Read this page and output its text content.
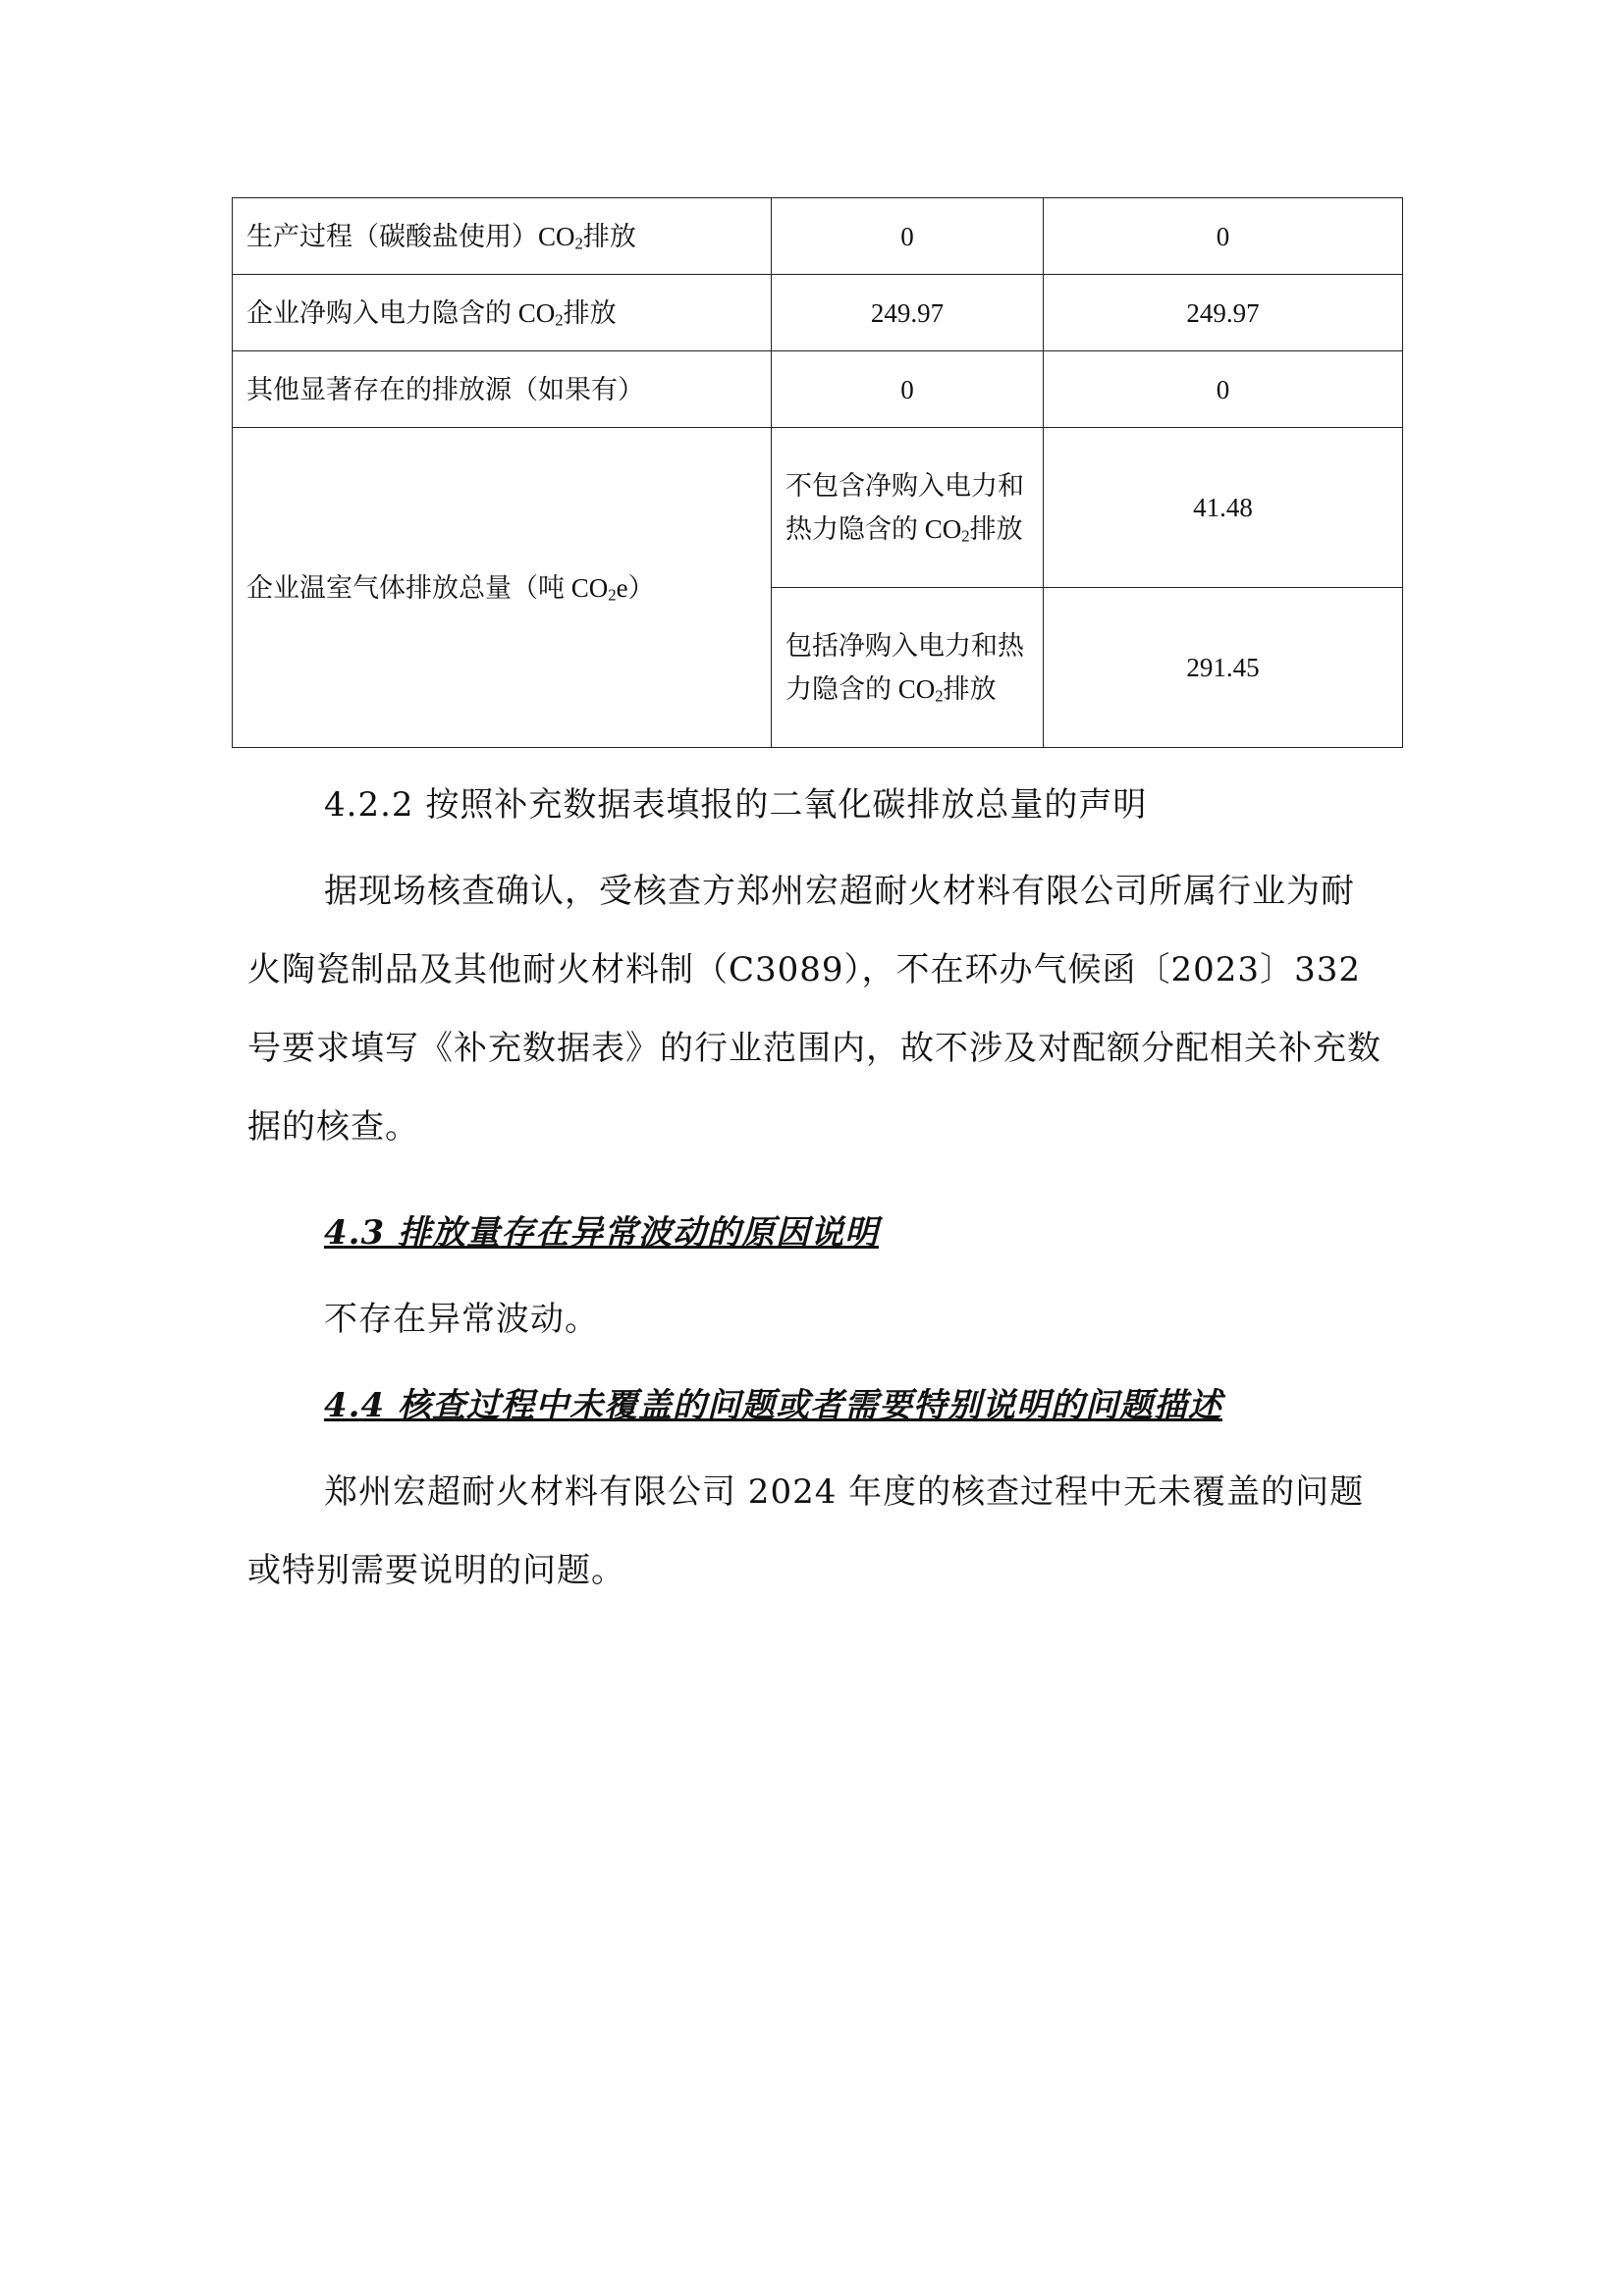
生产过程（碳酸盐使用）$CO_2$排放	0	0
企业净购入电力隐含的 $CO_2$排放	249.97	249.97
其他显著存在的排放源（如果有）	0	0
企业温室气体排放总量（吨 $CO_2e$）	不包含净购入电力和热力隐含的 $CO_2$排放	41.48
	包括净购入电力和热力隐含的 $CO_2$排放	291.45

4.2.2 按照补充数据表填报的二氧化碳排放总量的声明

据现场核查确认，受核查方郑州宏超耐火材料有限公司所属行业为耐火陶瓷制品及其他耐火材料制（C3089），不在环办气候函〔2023〕332 号要求填写《补充数据表》的行业范围内，故不涉及对配额分配相关补充数据的核查。

4.3 排放量存在异常波动的原因说明

不存在异常波动。

4.4 核查过程中未覆盖的问题或者需要特别说明的问题描述

郑州宏超耐火材料有限公司 2024 年度的核查过程中无未覆盖的问题或特别需要说明的问题。
